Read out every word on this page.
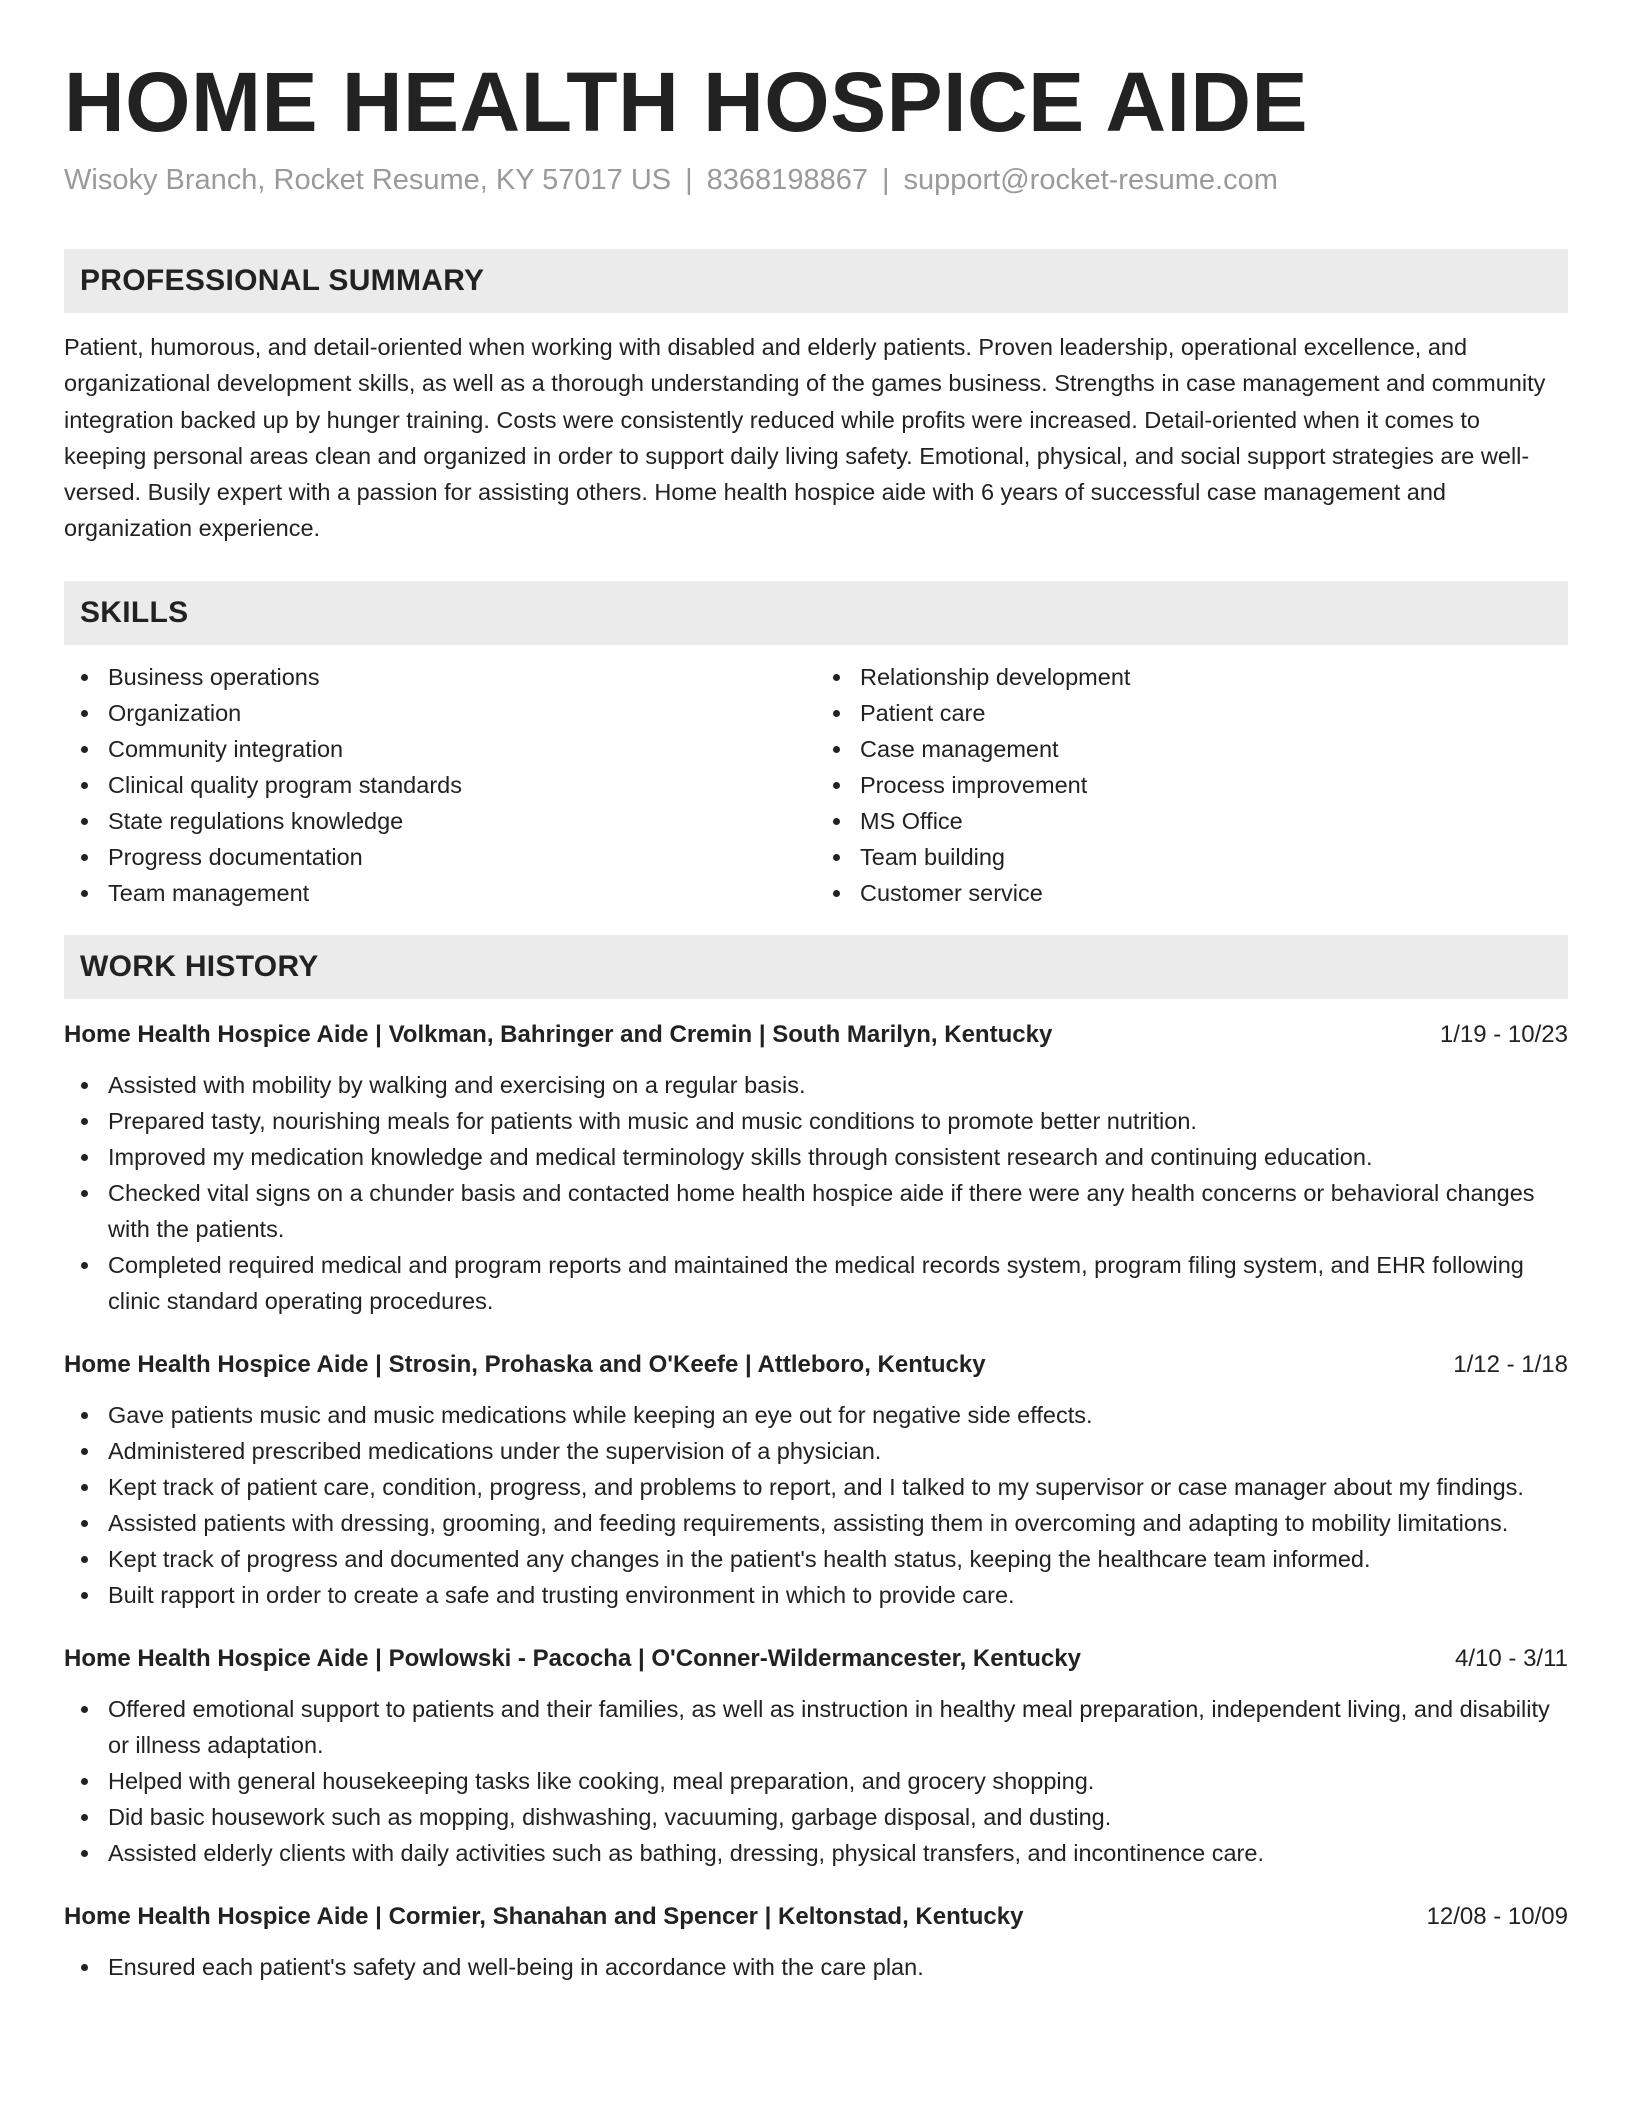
HOME HEALTH HOSPICE AIDE
Wisoky Branch, Rocket Resume, KY 57017 US | 8368198867 | support@rocket-resume.com
PROFESSIONAL SUMMARY

Patient, humorous, and detail-oriented when working with disabled and elderly patients. Proven leadership, operational excellence, and organizational development skills, as well as a thorough understanding of the games business. Strengths in case management and community integration backed up by hunger training. Costs were consistently reduced while profits were increased. Detail-oriented when it comes to keeping personal areas clean and organized in order to support daily living safety. Emotional, physical, and social support strategies are well-versed. Busily expert with a passion for assisting others. Home health hospice aide with 6 years of successful case management and organization experience.

SKILLS
Business operations
Organization
Community integration
Clinical quality program standards
State regulations knowledge
Progress documentation
Team management
Relationship development
Patient care
Case management
Process improvement
MS Office
Team building
Customer service
WORK HISTORY
Home Health Hospice Aide | Volkman, Bahringer and Cremin | South Marilyn, Kentucky	1/19 - 10/23
Assisted with mobility by walking and exercising on a regular basis.
Prepared tasty, nourishing meals for patients with music and music conditions to promote better nutrition.
Improved my medication knowledge and medical terminology skills through consistent research and continuing education.
Checked vital signs on a chunder basis and contacted home health hospice aide if there were any health concerns or behavioral changes with the patients.
Completed required medical and program reports and maintained the medical records system, program filing system, and EHR following clinic standard operating procedures.
Home Health Hospice Aide | Strosin, Prohaska and O'Keefe | Attleboro, Kentucky	1/12 - 1/18
Gave patients music and music medications while keeping an eye out for negative side effects.
Administered prescribed medications under the supervision of a physician.
Kept track of patient care, condition, progress, and problems to report, and I talked to my supervisor or case manager about my findings.
Assisted patients with dressing, grooming, and feeding requirements, assisting them in overcoming and adapting to mobility limitations.
Kept track of progress and documented any changes in the patient's health status, keeping the healthcare team informed.
Built rapport in order to create a safe and trusting environment in which to provide care.
Home Health Hospice Aide | Powlowski - Pacocha | O'Conner-Wildermancester, Kentucky	4/10 - 3/11
Offered emotional support to patients and their families, as well as instruction in healthy meal preparation, independent living, and disability or illness adaptation.
Helped with general housekeeping tasks like cooking, meal preparation, and grocery shopping.
Did basic housework such as mopping, dishwashing, vacuuming, garbage disposal, and dusting.
Assisted elderly clients with daily activities such as bathing, dressing, physical transfers, and incontinence care.
Home Health Hospice Aide | Cormier, Shanahan and Spencer | Keltonstad, Kentucky	12/08 - 10/09
Ensured each patient's safety and well-being in accordance with the care plan.
